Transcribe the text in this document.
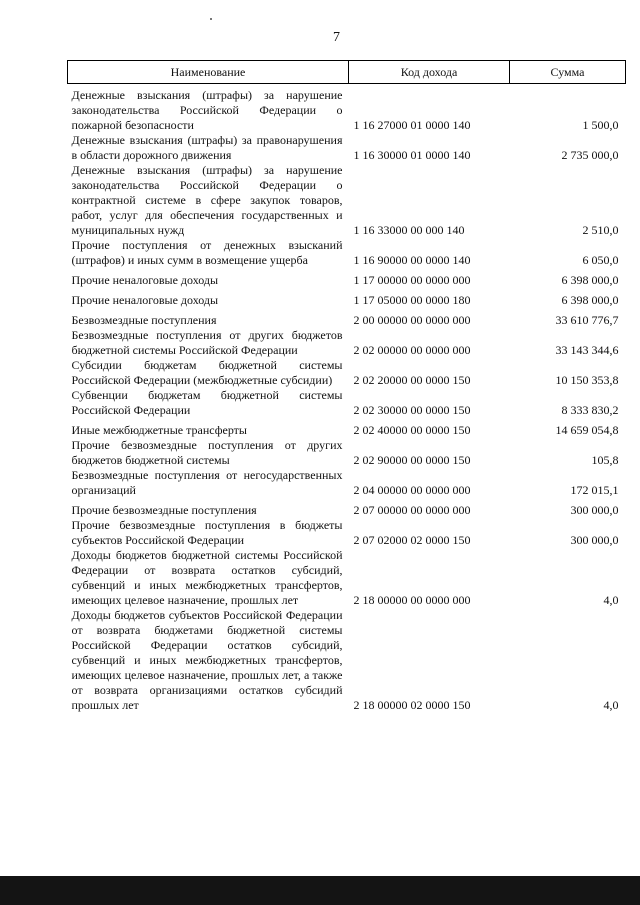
7
Наименование	Код дохода	Сумма
Денежные взыскания (штрафы) за нарушение законодательства Российской Федерации о пожарной безопасности	1 16 27000 01 0000 140	1 500,0
Денежные взыскания (штрафы) за правонарушения в области дорожного движения	1 16 30000 01 0000 140	2 735 000,0
Денежные взыскания (штрафы) за нарушение законодательства Российской Федерации о контрактной системе в сфере закупок товаров, работ, услуг для обеспечения государственных и муниципальных нужд	1 16 33000 00 000 140	2 510,0
Прочие поступления от денежных взысканий (штрафов) и иных сумм в возмещение ущерба	1 16 90000 00 0000 140	6 050,0
Прочие неналоговые доходы	1 17 00000 00 0000 000	6 398 000,0
Прочие неналоговые доходы	1 17 05000 00 0000 180	6 398 000,0
Безвозмездные поступления	2 00 00000 00 0000 000	33 610 776,7
Безвозмездные поступления от других бюджетов бюджетной системы Российской Федерации	2 02 00000 00 0000 000	33 143 344,6
Субсидии бюджетам бюджетной системы Российской Федерации (межбюджетные субсидии)	2 02 20000 00 0000 150	10 150 353,8
Субвенции бюджетам бюджетной системы Российской Федерации	2 02 30000 00 0000 150	8 333 830,2
Иные межбюджетные трансферты	2 02 40000 00 0000 150	14 659 054,8
Прочие безвозмездные поступления от других бюджетов бюджетной системы	2 02 90000 00 0000 150	105,8
Безвозмездные поступления от негосударственных организаций	2 04 00000 00 0000 000	172 015,1
Прочие безвозмездные поступления	2 07 00000 00 0000 000	300 000,0
Прочие безвозмездные поступления в бюджеты субъектов Российской Федерации	2 07 02000 02 0000 150	300 000,0
Доходы бюджетов бюджетной системы Российской Федерации от возврата остатков субсидий, субвенций и иных межбюджетных трансфертов, имеющих целевое назначение, прошлых лет	2 18 00000 00 0000 000	4,0
Доходы бюджетов субъектов Российской Федерации от возврата бюджетами бюджетной системы Российской Федерации остатков субсидий, субвенций и иных межбюджетных трансфертов, имеющих целевое назначение, прошлых лет, а также от возврата организациями остатков субсидий прошлых лет	2 18 00000 02 0000 150	4,0
